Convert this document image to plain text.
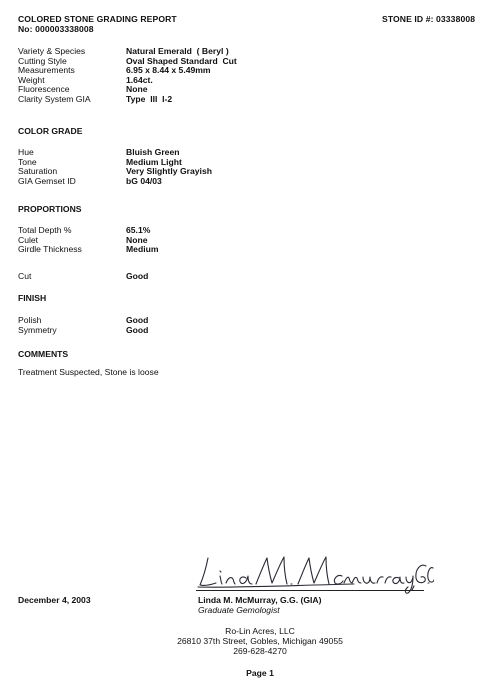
COLORED STONE GRADING REPORT
No: 000003338008
STONE ID #: 03338008
Variety & Species
Cutting Style
Measurements
Weight
Fluorescence
Clarity System GIA
Natural Emerald  ( Beryl )
Oval Shaped Standard  Cut
6.95 x 8.44 x 5.49mm
1.64ct.
None
Type  III  I-2
COLOR GRADE
Hue
Tone
Saturation
GIA Gemset ID
Bluish Green
Medium Light
Very Slightly Grayish
bG 04/03
PROPORTIONS
Total Depth %
Culet
Girdle Thickness
65.1%
None
Medium
Cut	Good
FINISH
Polish
Symmetry
Good
Good
COMMENTS
Treatment Suspected, Stone is loose
December 4, 2003	Linda M. McMurray, G.G. (GIA)
Graduate Gemologist
Ro-Lin Acres, LLC
26810 37th Street, Gobles, Michigan 49055
269-628-4270
Page 1
